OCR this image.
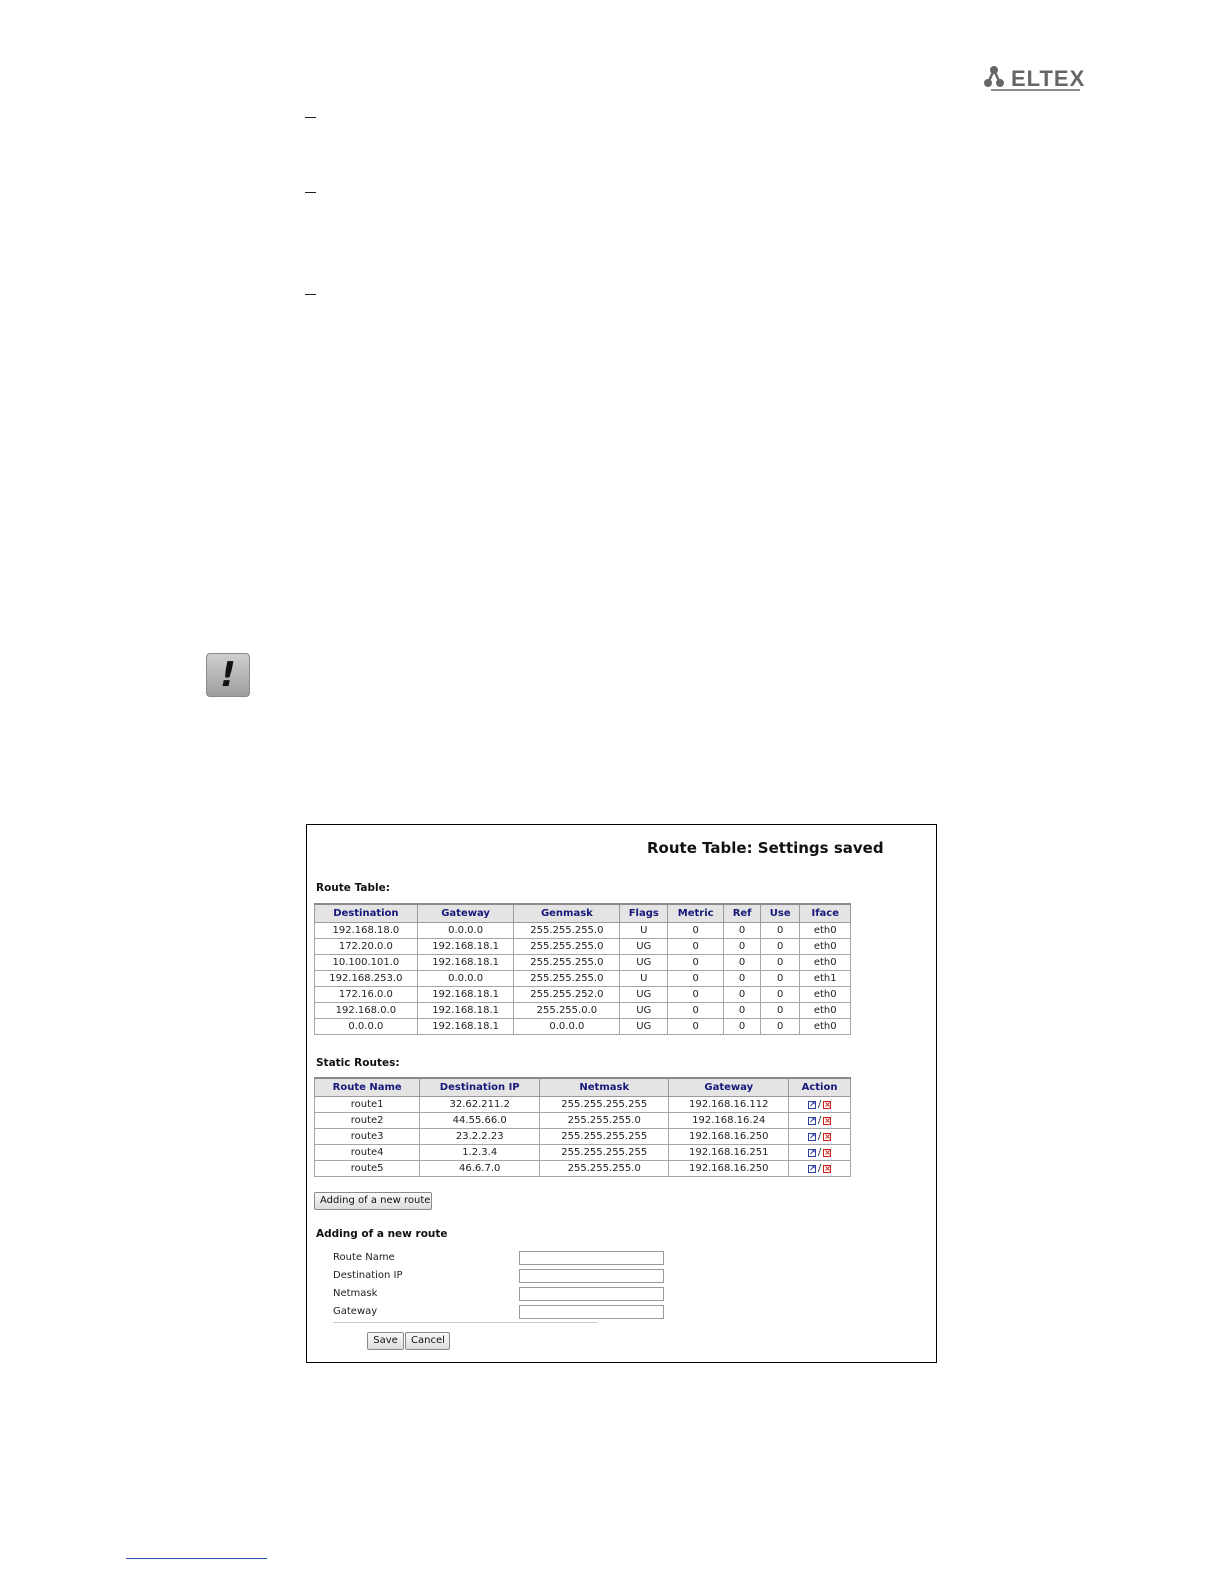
ELTEX
!
Route Table: Settings saved
Route Table:
Destination	Gateway	Genmask	Flags	Metric	Ref	Use	Iface
192.168.18.0	0.0.0.0	255.255.255.0	U	0	0	0	eth0
172.20.0.0	192.168.18.1	255.255.255.0	UG	0	0	0	eth0
10.100.101.0	192.168.18.1	255.255.255.0	UG	0	0	0	eth0
192.168.253.0	0.0.0.0	255.255.255.0	U	0	0	0	eth1
172.16.0.0	192.168.18.1	255.255.252.0	UG	0	0	0	eth0
192.168.0.0	192.168.18.1	255.255.0.0	UG	0	0	0	eth0
0.0.0.0	192.168.18.1	0.0.0.0	UG	0	0	0	eth0
Static Routes:
Route Name	Destination IP	Netmask	Gateway	Action
route1	32.62.211.2	255.255.255.255	192.168.16.112	↗ / ×

route2	44.55.66.0	255.255.255.0	192.168.16.24	↗ / ×

route3	23.2.2.23	255.255.255.255	192.168.16.250	↗ / ×

route4	1.2.3.4	255.255.255.255	192.168.16.251	↗ / ×

route5	46.6.7.0	255.255.255.0	192.168.16.250	↗ / ×
Adding of a new route
Adding of a new route
Route Name
Destination IP
Netmask
Gateway
Save	Cancel
